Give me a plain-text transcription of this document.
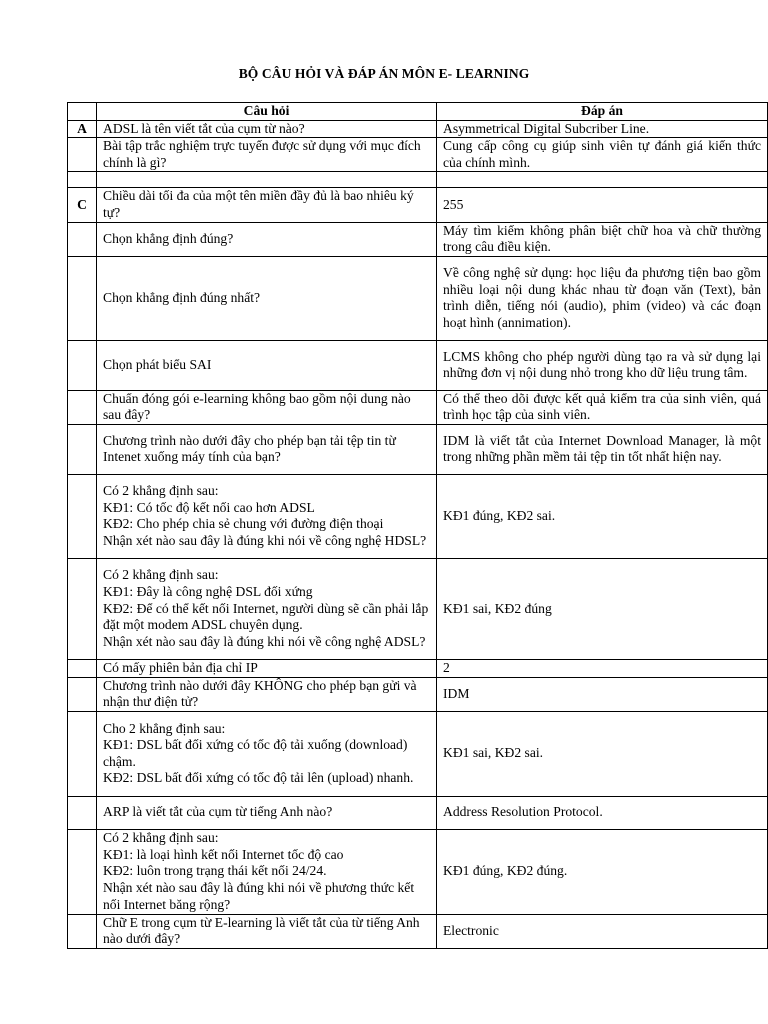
BỘ CÂU HỎI VÀ ĐÁP ÁN MÔN E- LEARNING
	Câu hỏi	Đáp án
A	ADSL là tên viết tắt của cụm từ nào?	Asymmetrical Digital Subcriber Line.
	Bài tập trắc nghiệm trực tuyến được sử dụng với mục đích chính là gì?	Cung cấp công cụ giúp sinh viên tự đánh giá kiến thức của chính mình.

C	Chiều dài tối đa của một tên miền đầy đủ là bao nhiêu ký tự?	255
	Chọn khẳng định đúng?	Máy tìm kiếm không phân biệt chữ hoa và chữ thường trong câu điều kiện.
	Chọn khẳng định đúng nhất?	Về công nghệ sử dụng: học liệu đa phương tiện bao gồm nhiều loại nội dung khác nhau từ đoạn văn (Text), bản trình diễn, tiếng nói (audio), phim (video) và các đoạn hoạt hình (annimation).
	Chọn phát biểu SAI	LCMS không cho phép người dùng tạo ra và sử dụng lại những đơn vị nội dung nhỏ trong kho dữ liệu trung tâm.
	Chuẩn đóng gói e-learning không bao gồm nội dung nào sau đây?	Có thể theo dõi được kết quả kiểm tra của sinh viên, quá trình học tập của sinh viên.
	Chương trình nào dưới đây cho phép bạn tải tệp tin từ Intenet xuống máy tính của bạn?	IDM là viết tắt của Internet Download Manager, là một trong những phần mềm tải tệp tin tốt nhất hiện nay.
	Có 2 khẳng định sau:
KĐ1: Có tốc độ kết nối cao hơn ADSL
KĐ2: Cho phép chia sẻ chung với đường điện thoại
Nhận xét nào sau đây là đúng khi nói về công nghệ HDSL?	KĐ1 đúng, KĐ2 sai.
	Có 2 khẳng định sau:
KĐ1: Đây là công nghệ DSL đối xứng
KĐ2: Để có thể kết nối Internet, người dùng sẽ cần phải lắp đặt một modem ADSL chuyên dụng.
Nhận xét nào sau đây là đúng khi nói về công nghệ ADSL?	KĐ1 sai, KĐ2 đúng
	Có mấy phiên bản địa chỉ IP	2
	Chương trình nào dưới đây KHÔNG cho phép bạn gửi và nhận thư điện tử?	IDM
	Cho 2 khẳng định sau:
KĐ1: DSL bất đối xứng có tốc độ tải xuống (download) chậm.
KĐ2: DSL bất đối xứng có tốc độ tải lên (upload) nhanh.	KĐ1 sai, KĐ2 sai.
	ARP là viết tắt của cụm từ tiếng Anh nào?	Address Resolution Protocol.
	Có 2 khẳng định sau:
KĐ1: là loại hình kết nối Internet tốc độ cao
KĐ2: luôn trong trạng thái kết nối 24/24.
Nhận xét nào sau đây là đúng khi nói về phương thức kết nối Internet băng rộng?	KĐ1 đúng, KĐ2 đúng.
	Chữ E trong cụm từ E-learning là viết tắt của từ tiếng Anh nào dưới đây?	Electronic
